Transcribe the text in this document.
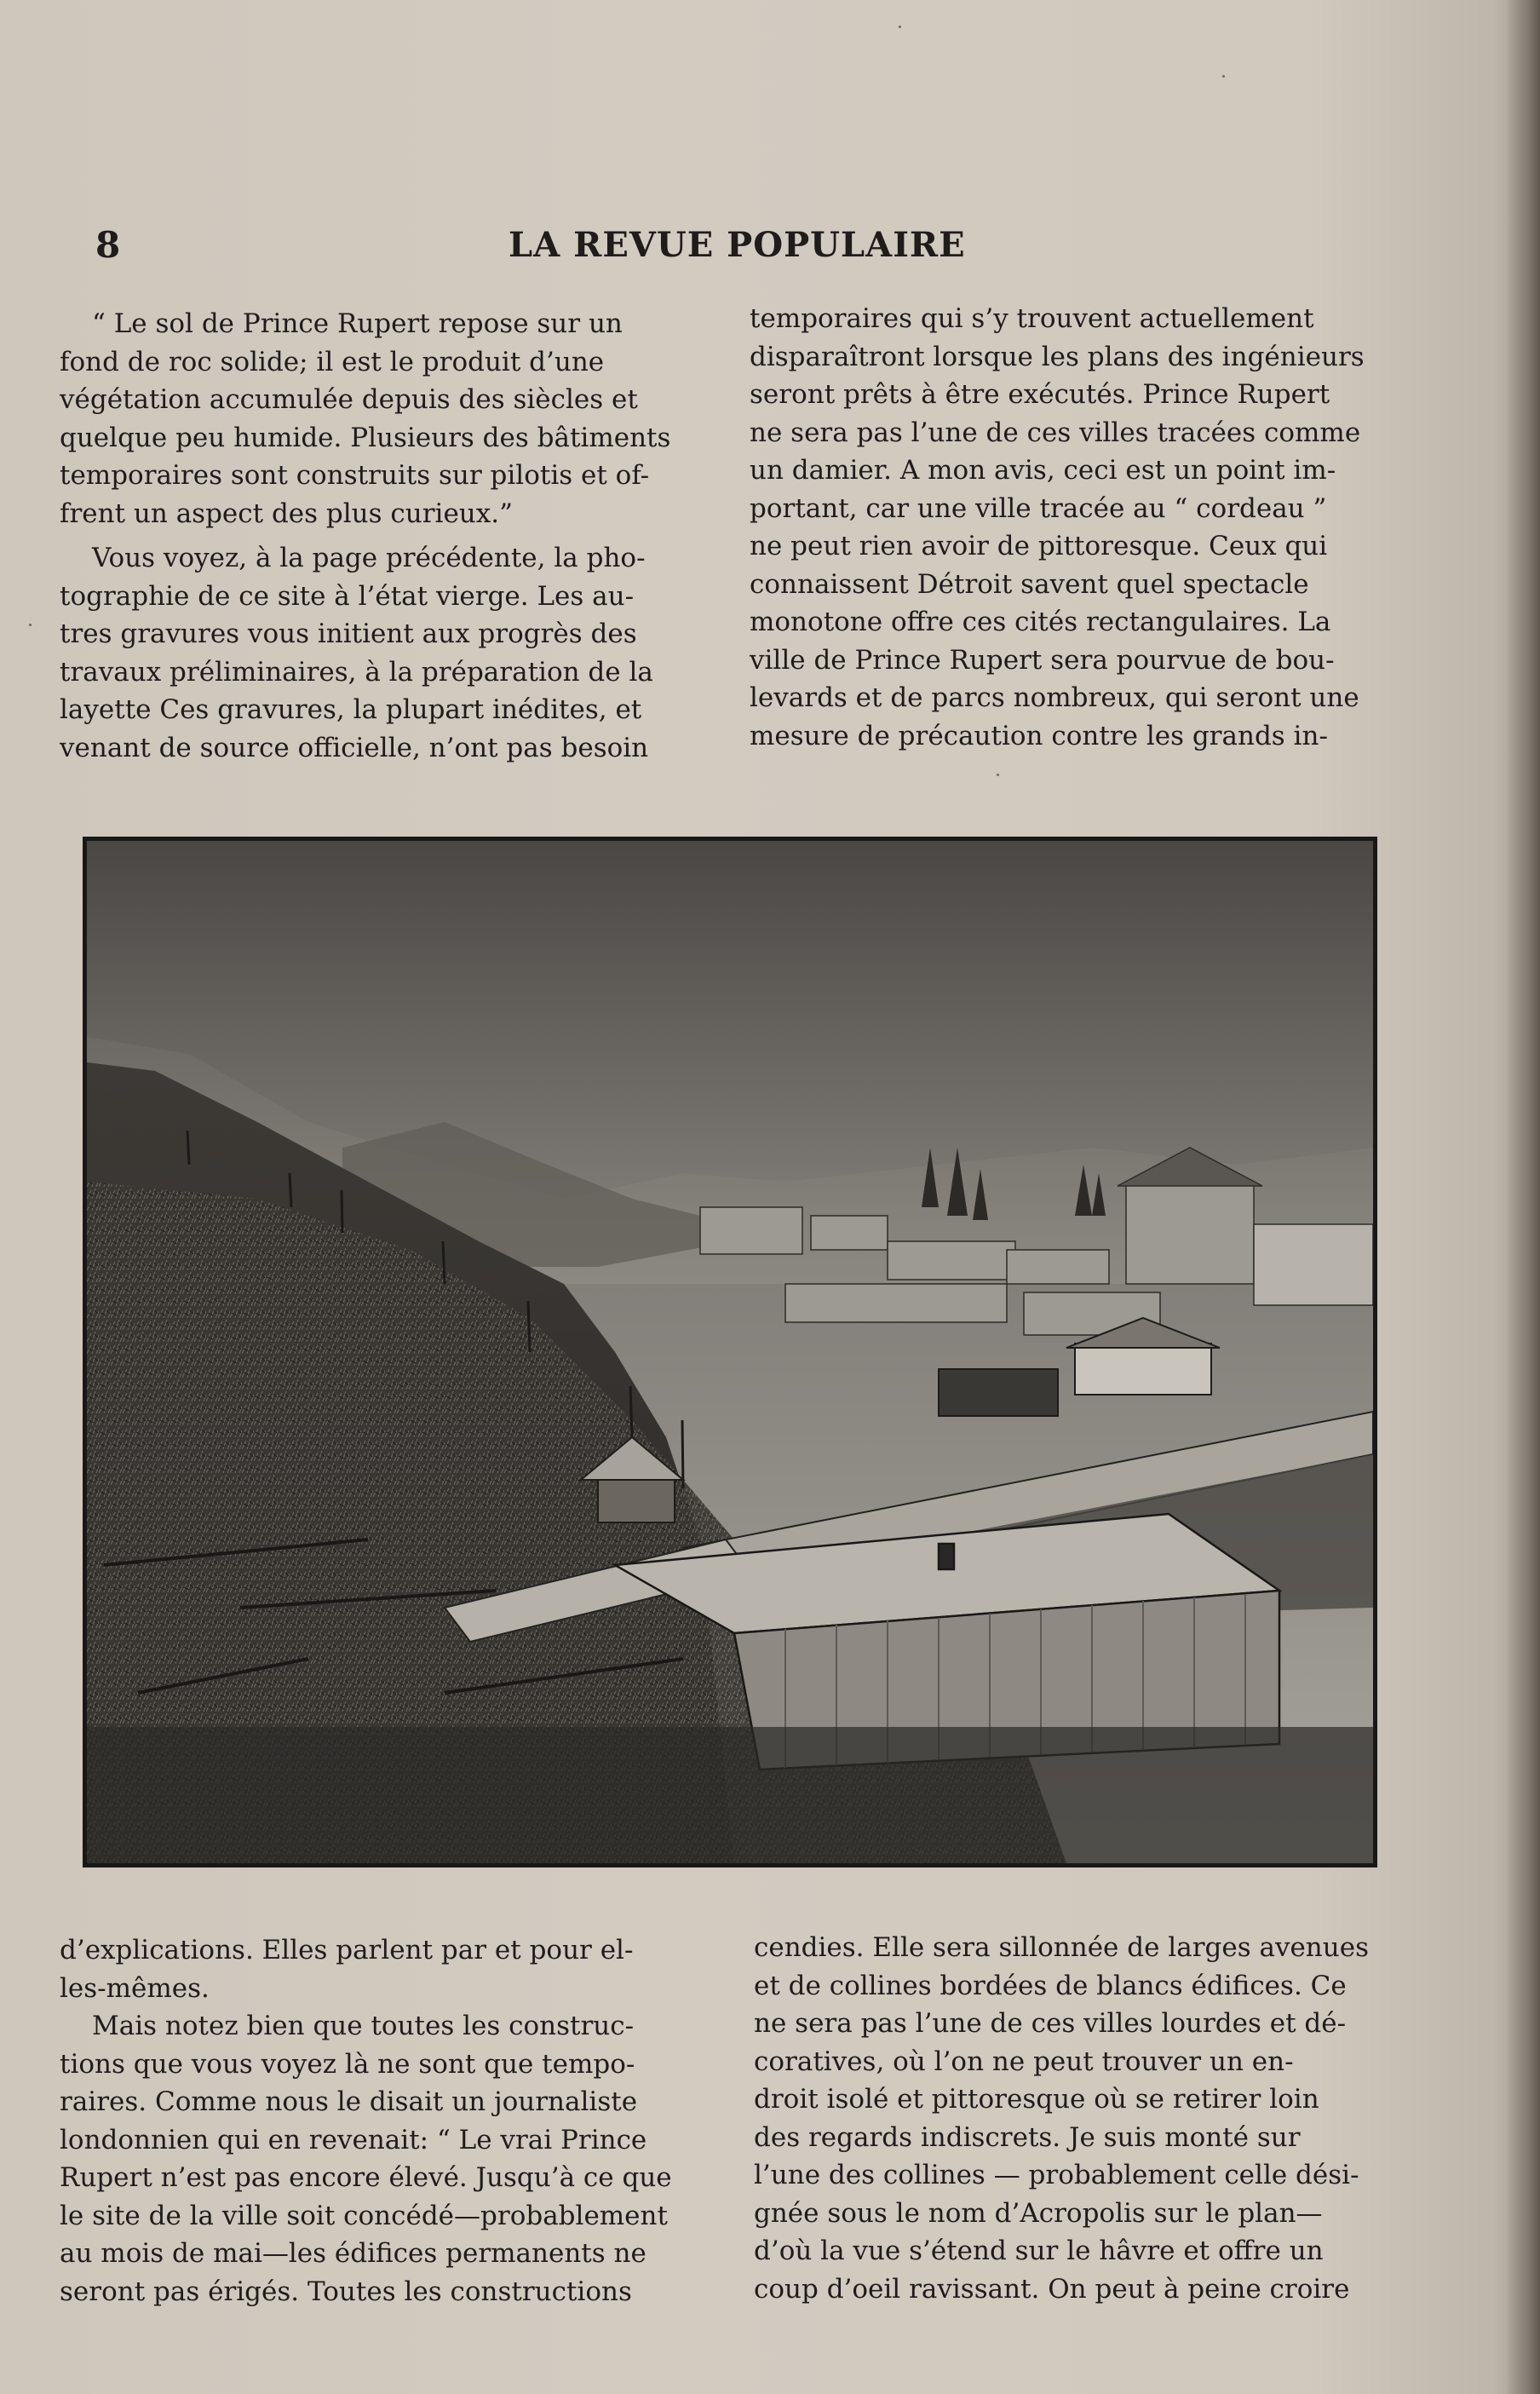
8	LA REVUE POPULAIRE

“ Le sol de Prince Rupert repose sur un

fond de roc solide; il est le produit d’une
végétation accumulée depuis des siècles et
quelque peu humide. Plusieurs des bâtiments
temporaires sont construits sur pilotis et of-
frent un aspect des plus curieux.”
Vous voyez, à la page précédente, la pho-
tographie de ce site à l’état vierge. Les au-
tres gravures vous initient aux progrès des
travaux préliminaires, à la préparation de la
layette Ces gravures, la plupart inédites, et
venant de source officielle, n’ont pas besoin
temporaires qui s’y trouvent actuellement
disparaîtront lorsque les plans des ingénieurs
seront prêts à être exécutés. Prince Rupert
ne sera pas l’une de ces villes tracées comme
un damier. A mon avis, ceci est un point im-
portant, car une ville tracée au “ cordeau ”
ne peut rien avoir de pittoresque. Ceux qui
connaissent Détroit savent quel spectacle
monotone offre ces cités rectangulaires. La
ville de Prince Rupert sera pourvue de bou-
levards et de parcs nombreux, qui seront une
mesure de précaution contre les grands in-
d’explications. Elles parlent par et pour el-
les-mêmes.
Mais notez bien que toutes les construc-
tions que vous voyez là ne sont que tempo-
raires. Comme nous le disait un journaliste
londonnien qui en revenait: “ Le vrai Prince
Rupert n’est pas encore élevé. Jusqu’à ce que
le site de la ville soit concédé—probablement
au mois de mai—les édifices permanents ne
seront pas érigés. Toutes les constructions
cendies. Elle sera sillonnée de larges avenues
et de collines bordées de blancs édifices. Ce
ne sera pas l’une de ces villes lourdes et dé-
coratives, où l’on ne peut trouver un en-
droit isolé et pittoresque où se retirer loin
des regards indiscrets. Je suis monté sur
l’une des collines — probablement celle dési-
gnée sous le nom d’Acropolis sur le plan—
d’où la vue s’étend sur le hâvre et offre un
coup d’oeil ravissant. On peut à peine croire
